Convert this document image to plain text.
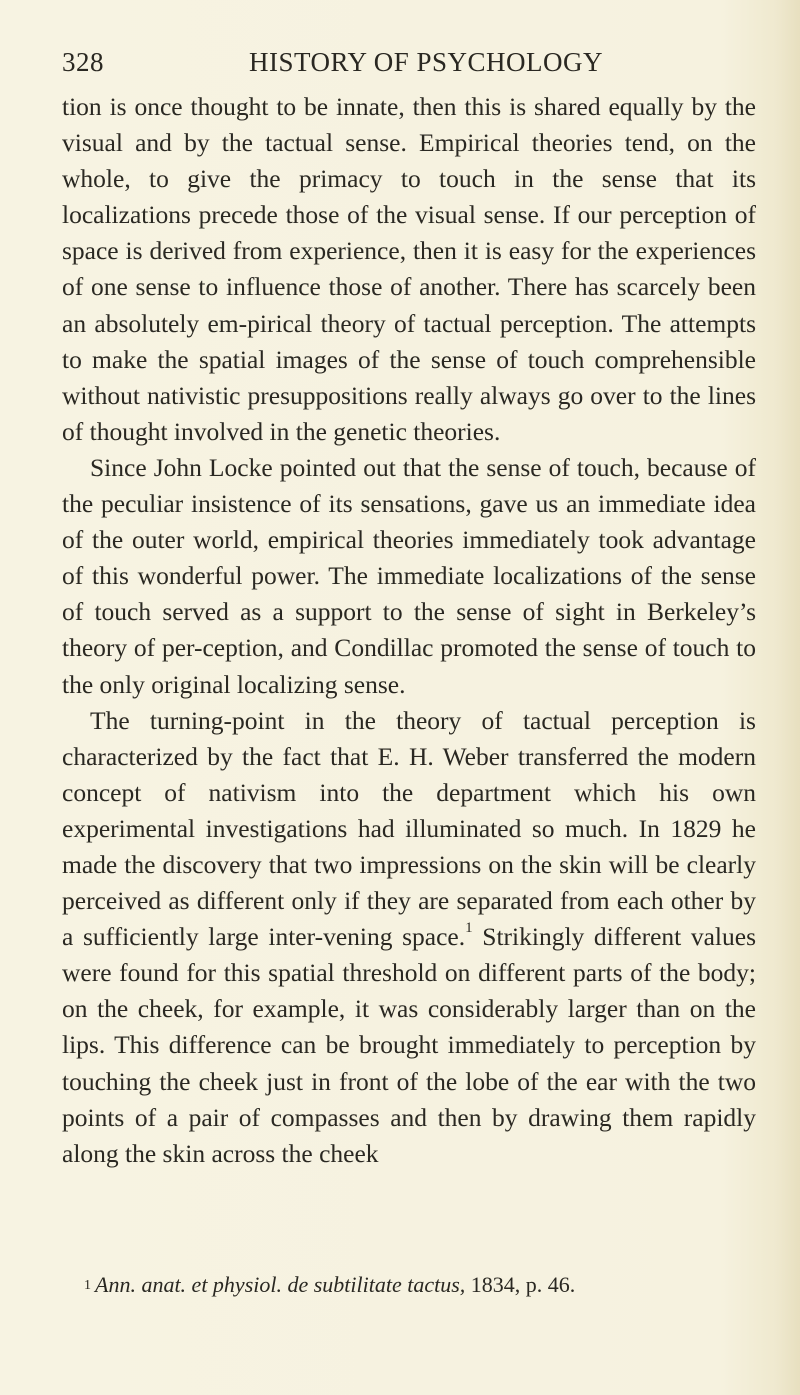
328	HISTORY OF PSYCHOLOGY

tion is once thought to be innate, then this is shared equally by the visual and by the tactual sense. Empirical theories tend, on the whole, to give the primacy to touch in the sense that its localizations precede those of the visual sense. If our perception of space is derived from experience, then it is easy for the experiences of one sense to influence those of another. There has scarcely been an absolutely em-pirical theory of tactual perception. The attempts to make the spatial images of the sense of touch comprehensible without nativistic presuppositions really always go over to the lines of thought involved in the genetic theories.

Since John Locke pointed out that the sense of touch, because of the peculiar insistence of its sensations, gave us an immediate idea of the outer world, empirical theories immediately took advantage of this wonderful power. The immediate localizations of the sense of touch served as a support to the sense of sight in Berkeley’s theory of per-ception, and Condillac promoted the sense of touch to the only original localizing sense.

The turning-point in the theory of tactual perception is characterized by the fact that E. H. Weber transferred the modern concept of nativism into the department which his own experimental investigations had illuminated so much. In 1829 he made the discovery that two impressions on the skin will be clearly perceived as different only if they are separated from each other by a sufficiently large inter-vening space.$^1$ Strikingly different values were found for this spatial threshold on different parts of the body; on the cheek, for example, it was considerably larger than on the lips. This difference can be brought immediately to perception by touching the cheek just in front of the lobe of the ear with the two points of a pair of compasses and then by drawing them rapidly along the skin across the cheek

$^1$ Ann. anat. et physiol. de subtilitate tactus, 1834, p. 46.
